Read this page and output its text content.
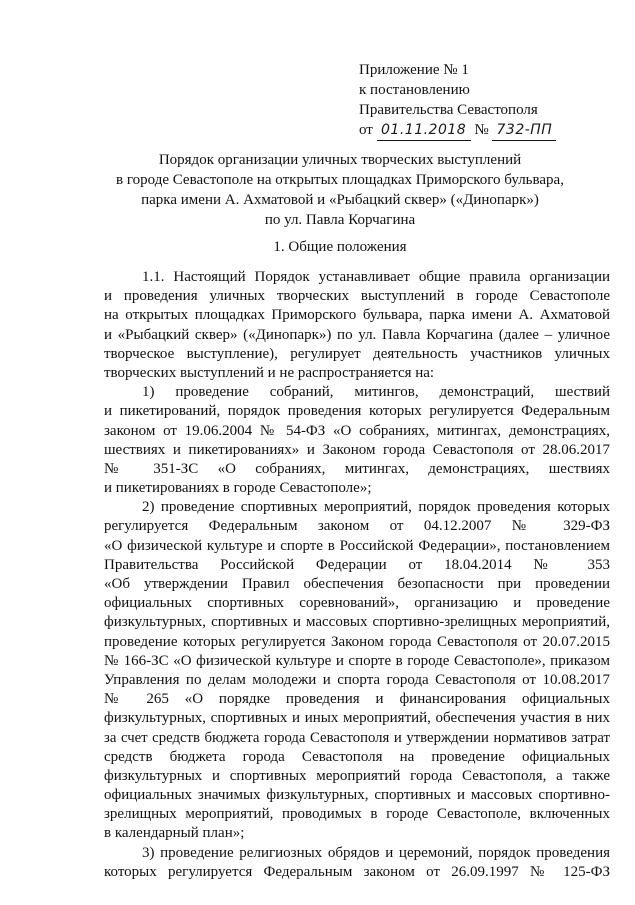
Приложение № 1
к постановлению
Правительства Севастополя
от 01.11.2018 № 732-ПП
Порядок организации уличных творческих выступлений
в городе Севастополе на открытых площадках Приморского бульвара,
парка имени А. Ахматовой и «Рыбацкий сквер» («Динопарк»)
по ул. Павла Корчагина
1. Общие положения
1.1. Настоящий Порядок устанавливает общие правила организации
и проведения уличных творческих выступлений в городе Севастополе
на открытых площадках Приморского бульвара, парка имени А. Ахматовой
и «Рыбацкий сквер» («Динопарк») по ул. Павла Корчагина (далее – уличное
творческое выступление), регулирует деятельность участников уличных
творческих выступлений и не распространяется на:
1) проведение собраний, митингов, демонстраций, шествий
и пикетирований, порядок проведения которых регулируется Федеральным
законом от 19.06.2004 № 54-ФЗ «О собраниях, митингах, демонстрациях,
шествиях и пикетированиях» и Законом города Севастополя от 28.06.2017
№ 351-ЗС «О собраниях, митингах, демонстрациях, шествиях
и пикетированиях в городе Севастополе»;
2) проведение спортивных мероприятий, порядок проведения которых
регулируется Федеральным законом от 04.12.2007 № 329-ФЗ
«О физической культуре и спорте в Российской Федерации», постановлением
Правительства Российской Федерации от 18.04.2014 № 353
«Об утверждении Правил обеспечения безопасности при проведении
официальных спортивных соревнований», организацию и проведение
физкультурных, спортивных и массовых спортивно-зрелищных мероприятий,
проведение которых регулируется Законом города Севастополя от 20.07.2015
№ 166-ЗС «О физической культуре и спорте в городе Севастополе», приказом
Управления по делам молодежи и спорта города Севастополя от 10.08.2017
№ 265 «О порядке проведения и финансирования официальных
физкультурных, спортивных и иных мероприятий, обеспечения участия в них
за счет средств бюджета города Севастополя и утверждении нормативов затрат
средств бюджета города Севастополя на проведение официальных
физкультурных и спортивных мероприятий города Севастополя, а также
официальных значимых физкультурных, спортивных и массовых спортивно-
зрелищных мероприятий, проводимых в городе Севастополе, включенных
в календарный план»;
3) проведение религиозных обрядов и церемоний, порядок проведения
которых регулируется Федеральным законом от 26.09.1997 № 125-ФЗ
